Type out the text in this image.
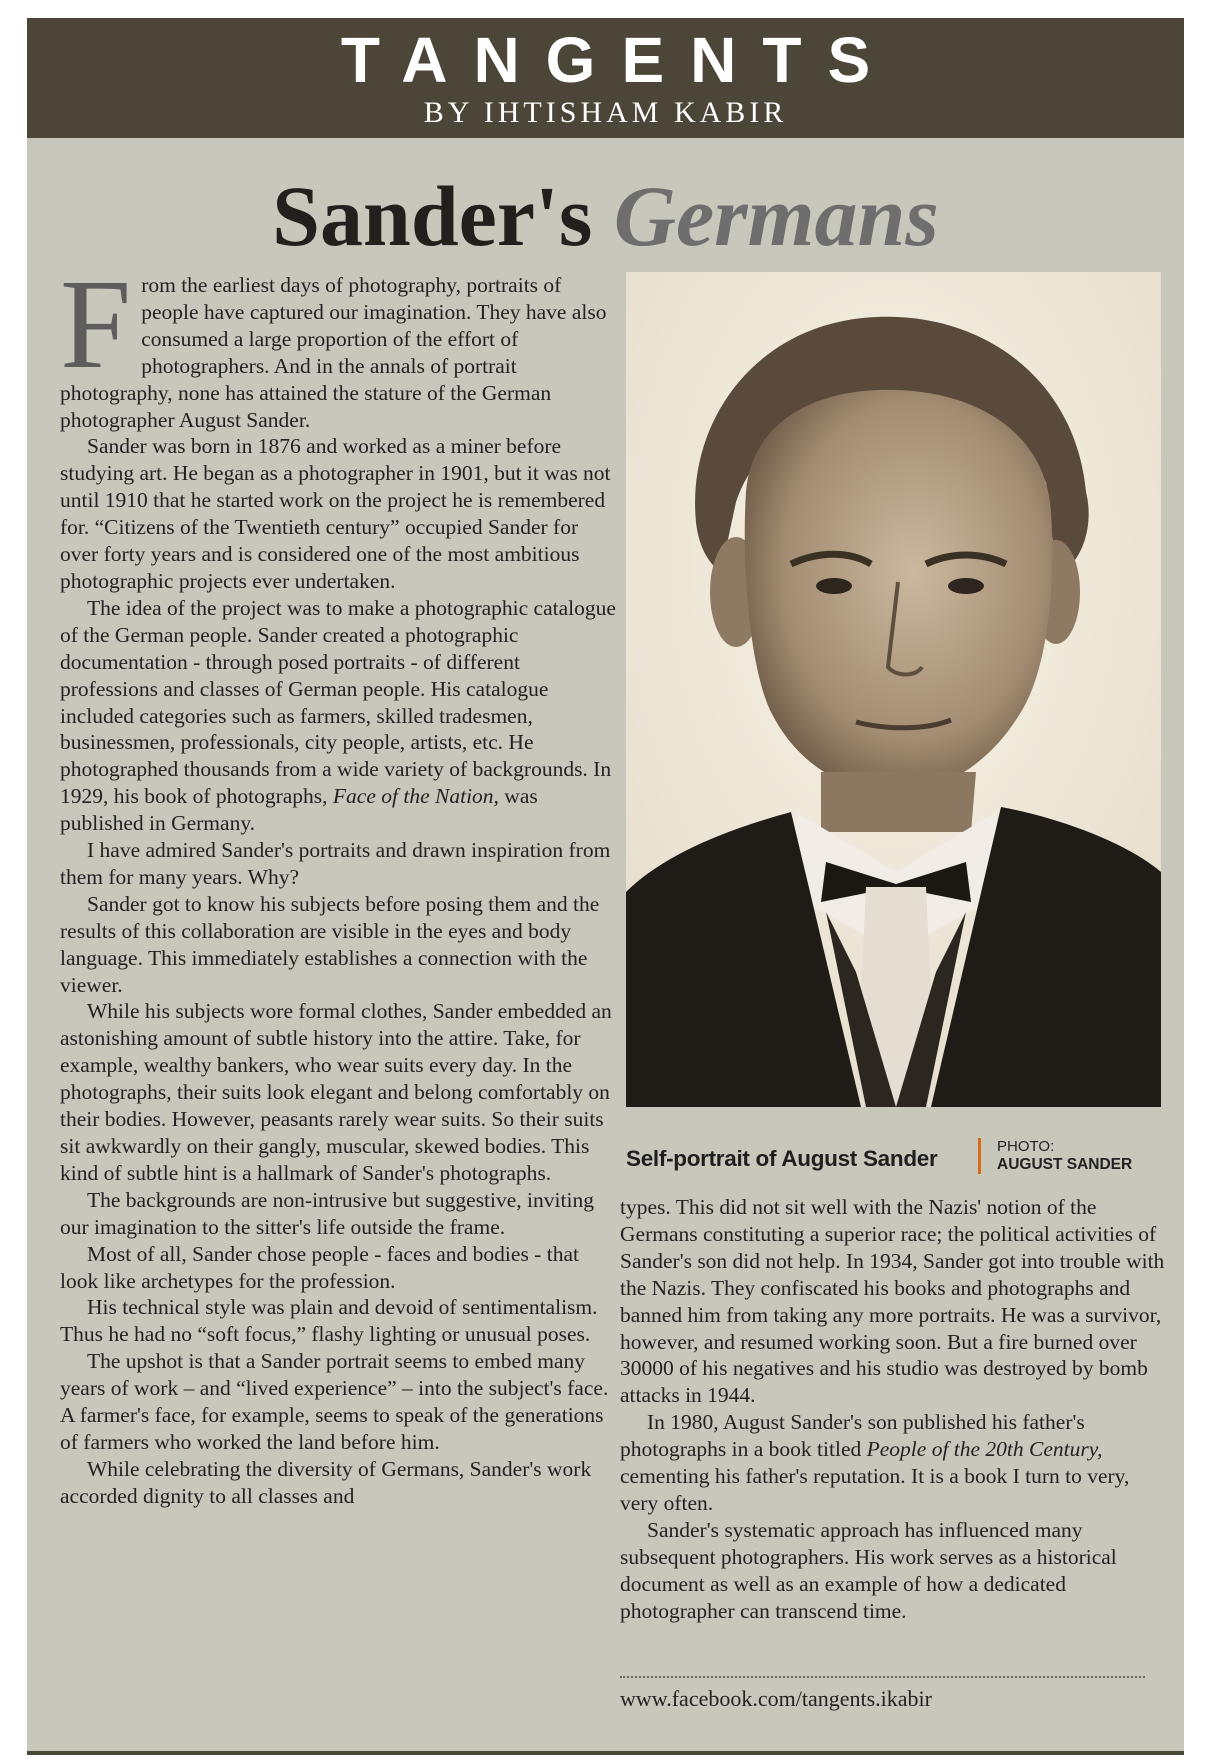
TANGENTS
BY IHTISHAM KABIR
Sander's Germans

From the earliest days of photography, portraits of people have captured our imagination. They have also consumed a large proportion of the effort of photographers. And in the annals of portrait photography, none has attained the stature of the German photographer August Sander.

Sander was born in 1876 and worked as a miner before studying art. He began as a photographer in 1901, but it was not until 1910 that he started work on the project he is remembered for. “Citizens of the Twentieth century” occupied Sander for over forty years and is considered one of the most ambitious photographic projects ever undertaken.

The idea of the project was to make a photographic catalogue of the German people. Sander created a photographic documentation - through posed portraits - of different professions and classes of German people. His catalogue included categories such as farmers, skilled tradesmen, businessmen, professionals, city people, artists, etc. He photographed thousands from a wide variety of backgrounds. In 1929, his book of photographs, Face of the Nation, was published in Germany.

I have admired Sander's portraits and drawn inspiration from them for many years. Why?

Sander got to know his subjects before posing them and the results of this collaboration are visible in the eyes and body language. This immediately establishes a connection with the viewer.

While his subjects wore formal clothes, Sander embedded an astonishing amount of subtle history into the attire. Take, for example, wealthy bankers, who wear suits every day. In the photographs, their suits look elegant and belong comfortably on their bodies. However, peasants rarely wear suits. So their suits sit awkwardly on their gangly, muscular, skewed bodies. This kind of subtle hint is a hallmark of Sander's photographs.

The backgrounds are non-intrusive but suggestive, inviting our imagination to the sitter's life outside the frame.

Most of all, Sander chose people - faces and bodies - that look like archetypes for the profession.

His technical style was plain and devoid of sentimentalism. Thus he had no “soft focus,” flashy lighting or unusual poses.

The upshot is that a Sander portrait seems to embed many years of work – and “lived experience” – into the subject's face. A farmer's face, for example, seems to speak of the generations of farmers who worked the land before him.

While celebrating the diversity of Germans, Sander's work accorded dignity to all classes and

Self-portrait of August Sander	PHOTO:
AUGUST SANDER

types. This did not sit well with the Nazis' notion of the Germans constituting a superior race; the political activities of Sander's son did not help. In 1934, Sander got into trouble with the Nazis. They confiscated his books and photographs and banned him from taking any more portraits. He was a survivor, however, and resumed working soon. But a fire burned over 30000 of his negatives and his studio was destroyed by bomb attacks in 1944.

In 1980, August Sander's son published his father's photographs in a book titled People of the 20th Century, cementing his father's reputation. It is a book I turn to very, very often.

Sander's systematic approach has influenced many subsequent photographers. His work serves as a historical document as well as an example of how a dedicated photographer can transcend time.

www.facebook.com/tangents.ikabir
